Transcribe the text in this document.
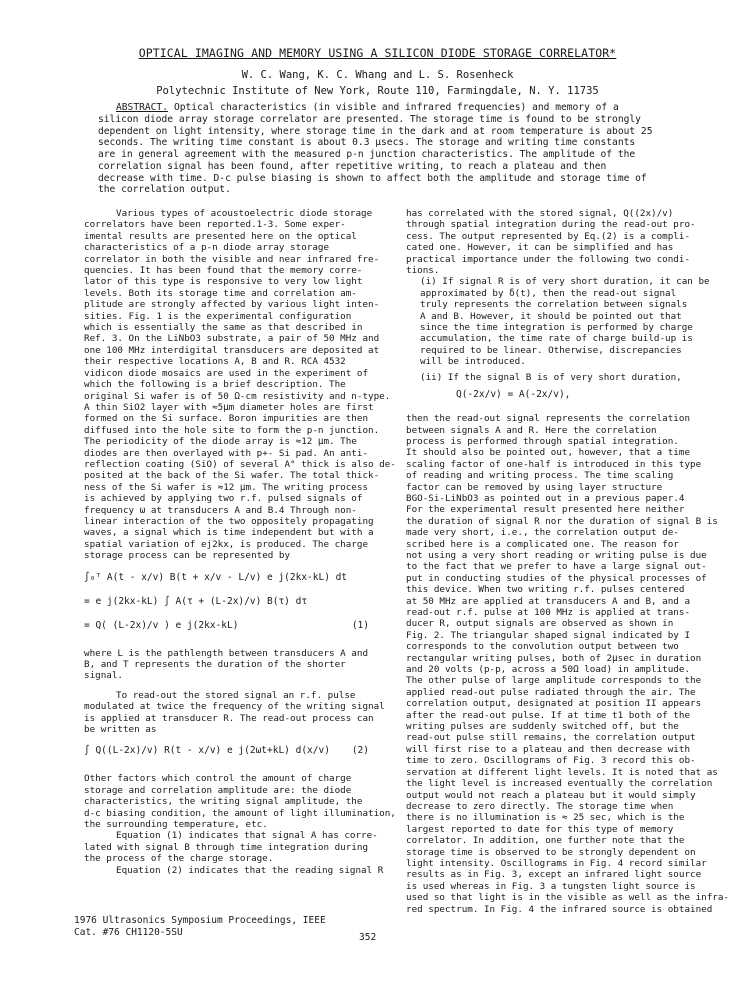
OPTICAL IMAGING AND MEMORY USING A SILICON DIODE STORAGE CORRELATOR*
W. C. Wang, K. C. Whang and L. S. Rosenheck
Polytechnic Institute of New York, Route 110, Farmingdale, N. Y. 11735
ABSTRACT. Optical characteristics (in visible and infrared frequencies) and memory of a silicon diode array storage correlator are presented. The storage time is found to be strongly dependent on light intensity, where storage time in the dark and at room temperature is about 25 seconds. The writing time constant is about 0.3 μsecs. The storage and writing time constants are in general agreement with the measured p-n junction characteristics. The amplitude of the correlation signal has been found, after repetitive writing, to reach a plateau and then decrease with time. D-c pulse biasing is shown to affect both the amplitude and storage time of the correlation output.

Various types of acoustoelectric diode storage
correlators have been reported.1-3. Some exper-
imental results are presented here on the optical
characteristics of a p-n diode array storage
correlator in both the visible and near infrared fre-
quencies. It has been found that the memory corre-
lator of this type is responsive to very low light
levels. Both its storage time and correlation am-
plitude are strongly affected by various light inten-
sities. Fig. 1 is the experimental configuration
which is essentially the same as that described in
Ref. 3. On the LiNbO3 substrate, a pair of 50 MHz and
one 100 MHz interdigital transducers are deposited at
their respective locations A, B and R. RCA 4532
vidicon diode mosaics are used in the experiment of
which the following is a brief description. The
original Si wafer is of 50 Ω-cm resistivity and n-type.
A thin SiO2 layer with ≈5μm diameter holes are first
formed on the Si surface. Boron impurities are then
diffused into the hole site to form the p-n junction.
The periodicity of the diode array is ≈12 μm. The
diodes are then overlayed with p+- Si pad. An anti-
reflection coating (SiO) of several A° thick is also de-
posited at the back of the Si wafer. The total thick-
ness of the Si wafer is ≈12 μm. The writing process
is achieved by applying two r.f. pulsed signals of
frequency ω at transducers A and B.4 Through non-
linear interaction of the two oppositely propagating
waves, a signal which is time independent but with a
spatial variation of ej2kx, is produced. The charge
storage process can be represented by

∫₀ᵀ A(t - x/v) B(t + x/v - L/v) e j(2kx-kL) dt
= e j(2kx-kL) ∫ A(τ + (L-2x)/v) B(τ) dτ
= Q( (L-2x)/v ) e j(2kx-kL)	(1)

where L is the pathlength between transducers A and
B, and T represents the duration of the shorter
signal.

To read-out the stored signal an r.f. pulse
modulated at twice the frequency of the writing signal
is applied at transducer R. The read-out process can
be written as

∫ Q((L-2x)/v) R(t - x/v) e j(2ωt+kL) d(x/v) (2)

Other factors which control the amount of charge
storage and correlation amplitude are: the diode
characteristics, the writing signal amplitude, the
d-c biasing condition, the amount of light illumination,
the surrounding temperature, etc.

Equation (1) indicates that signal A has corre-
lated with signal B through time integration during
the process of the charge storage.

Equation (2) indicates that the reading signal R

has correlated with the stored signal, Q((2x)/v)
through spatial integration during the read-out pro-
cess. The output represented by Eq.(2) is a compli-
cated one. However, it can be simplified and has
practical importance under the following two condi-
tions.

(i) If signal R is of very short duration, it can be
approximated by δ(t), then the read-out signal
truly represents the correlation between signals
A and B. However, it should be pointed out that
since the time integration is performed by charge
accumulation, the time rate of charge build-up is
required to be linear. Otherwise, discrepancies
will be introduced.

(ii) If the signal B is of very short duration,

Q(-2x/v) = A(-2x/v),

then the read-out signal represents the correlation
between signals A and R. Here the correlation
process is performed through spatial integration.
It should also be pointed out, however, that a time
scaling factor of one-half is introduced in this type
of reading and writing process. The time scaling
factor can be removed by using layer structure
BGO-Si-LiNbO3 as pointed out in a previous paper.4

For the experimental result presented here neither
the duration of signal R nor the duration of signal B is
made very short, i.e., the correlation output de-
scribed here is a complicated one. The reason for
not using a very short reading or writing pulse is due
to the fact that we prefer to have a large signal out-
put in conducting studies of the physical processes of
this device. When two writing r.f. pulses centered
at 50 MHz are applied at transducers A and B, and a
read-out r.f. pulse at 100 MHz is applied at trans-
ducer R, output signals are observed as shown in
Fig. 2. The triangular shaped signal indicated by I
corresponds to the convolution output between two
rectangular writing pulses, both of 2μsec in duration
and 20 volts (p-p, across a 50Ω load) in amplitude.
The other pulse of large amplitude corresponds to the
applied read-out pulse radiated through the air. The
correlation output, designated at position II appears
after the read-out pulse. If at time t1 both of the
writing pulses are suddenly switched off, but the
read-out pulse still remains, the correlation output
will first rise to a plateau and then decrease with
time to zero. Oscillograms of Fig. 3 record this ob-
servation at different light levels. It is noted that as
the light level is increased eventually the correlation
output would not reach a plateau but it would simply
decrease to zero directly. The storage time when
there is no illumination is ≈ 25 sec, which is the
largest reported to date for this type of memory
correlator. In addition, one further note that the
storage time is observed to be strongly dependent on
light intensity. Oscillograms in Fig. 4 record similar
results as in Fig. 3, except an infrared light source
is used whereas in Fig. 3 a tungsten light source is
used so that light is in the visible as well as the infra-
red spectrum. In Fig. 4 the infrared source is obtained

1976 Ultrasonics Symposium Proceedings, IEEE
Cat. #76 CH1120-5SU	352
